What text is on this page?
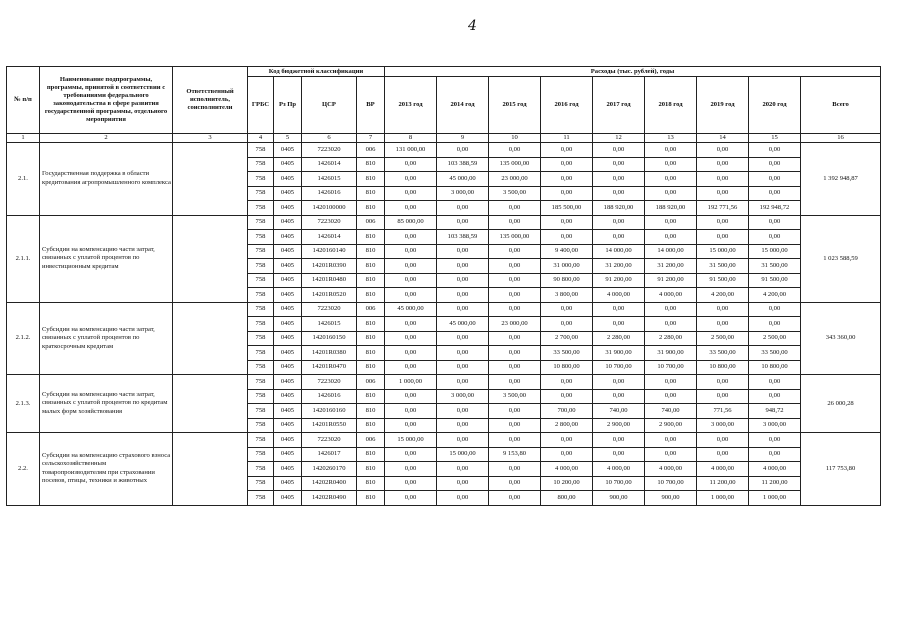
4
№ п/п	Наименование подпрограммы, программы, принятой в соответствии с требованиями федерального законодательства в сфере развития государственной программы, отдельного мероприятия	Ответственный исполнитель, соисполнители	Код бюджетной классификации				Расходы (тыс. рублей), годы								
			ГРБС	Рз Пр	ЦСР	ВР	2013 год	2014 год	2015 год	2016 год	2017 год	2018 год	2019 год	2020 год	Всего
1	2	3	4	5	6	7	8	9	10	11	12	13	14	15	16
2.1.	Государственная поддержка в области кредитования агропромышленного комплекса		758	0405	7223020	006	131 000,00	0,00	0,00	0,00	0,00	0,00	0,00	0,00	1 392 948,87
			758	0405	1426014	810	0,00	103 388,59	135 000,00	0,00	0,00	0,00	0,00	0,00	
			758	0405	1426015	810	0,00	45 000,00	23 000,00	0,00	0,00	0,00	0,00	0,00	
			758	0405	1426016	810	0,00	3 000,00	3 500,00	0,00	0,00	0,00	0,00	0,00	
			758	0405	1420100000	810	0,00	0,00	0,00	185 500,00	188 920,00	188 920,00	192 771,56	192 948,72	
2.1.1.	Субсидии на компенсацию части затрат, связанных с уплатой процентов по инвестиционным кредитам		758	0405	7223020	006	85 000,00	0,00	0,00	0,00	0,00	0,00	0,00	0,00	1 023 588,59
			758	0405	1426014	810	0,00	103 388,59	135 000,00	0,00	0,00	0,00	0,00	0,00	
			758	0405	1420160140	810	0,00	0,00	0,00	9 400,00	14 000,00	14 000,00	15 000,00	15 000,00	
			758	0405	14201R0390	810	0,00	0,00	0,00	31 000,00	31 200,00	31 200,00	31 500,00	31 500,00	
			758	0405	14201R0480	810	0,00	0,00	0,00	90 800,00	91 200,00	91 200,00	91 500,00	91 500,00	
			758	0405	14201R0520	810	0,00	0,00	0,00	3 800,00	4 000,00	4 000,00	4 200,00	4 200,00	
2.1.2.	Субсидии на компенсацию части затрат, связанных с уплатой процентов по краткосрочным кредитам		758	0405	7223020	006	45 000,00	0,00	0,00	0,00	0,00	0,00	0,00	0,00	343 360,00
			758	0405	1426015	810	0,00	45 000,00	23 000,00	0,00	0,00	0,00	0,00	0,00	
			758	0405	1420160150	810	0,00	0,00	0,00	2 700,00	2 280,00	2 280,00	2 500,00	2 500,00	
			758	0405	14201R0380	810	0,00	0,00	0,00	33 500,00	31 900,00	31 900,00	33 500,00	33 500,00	
			758	0405	14201R0470	810	0,00	0,00	0,00	10 800,00	10 700,00	10 700,00	10 800,00	10 800,00	
2.1.3.	Субсидии на компенсацию части затрат, связанных с уплатой процентов по кредитам малых форм хозяйствования		758	0405	7223020	006	1 000,00	0,00	0,00	0,00	0,00	0,00	0,00	0,00	26 000,28
			758	0405	1426016	810	0,00	3 000,00	3 500,00	0,00	0,00	0,00	0,00	0,00	
			758	0405	1420160160	810	0,00	0,00	0,00	700,00	740,00	740,00	771,56	948,72	
			758	0405	14201R0550	810	0,00	0,00	0,00	2 800,00	2 900,00	2 900,00	3 000,00	3 000,00	
2.2.	Субсидии на компенсацию страхового взноса сельскохозяйственным товаропроизводителям при страховании посевов, птицы, техники и животных		758	0405	7223020	006	15 000,00	0,00	0,00	0,00	0,00	0,00	0,00	0,00	117 753,80
			758	0405	1426017	810	0,00	15 000,00	9 153,80	0,00	0,00	0,00	0,00	0,00	
			758	0405	1420260170	810	0,00	0,00	0,00	4 000,00	4 000,00	4 000,00	4 000,00	4 000,00	
			758	0405	14202R0400	810	0,00	0,00	0,00	10 200,00	10 700,00	10 700,00	11 200,00	11 200,00	
			758	0405	14202R0490	810	0,00	0,00	0,00	800,00	900,00	900,00	1 000,00	1 000,00	
